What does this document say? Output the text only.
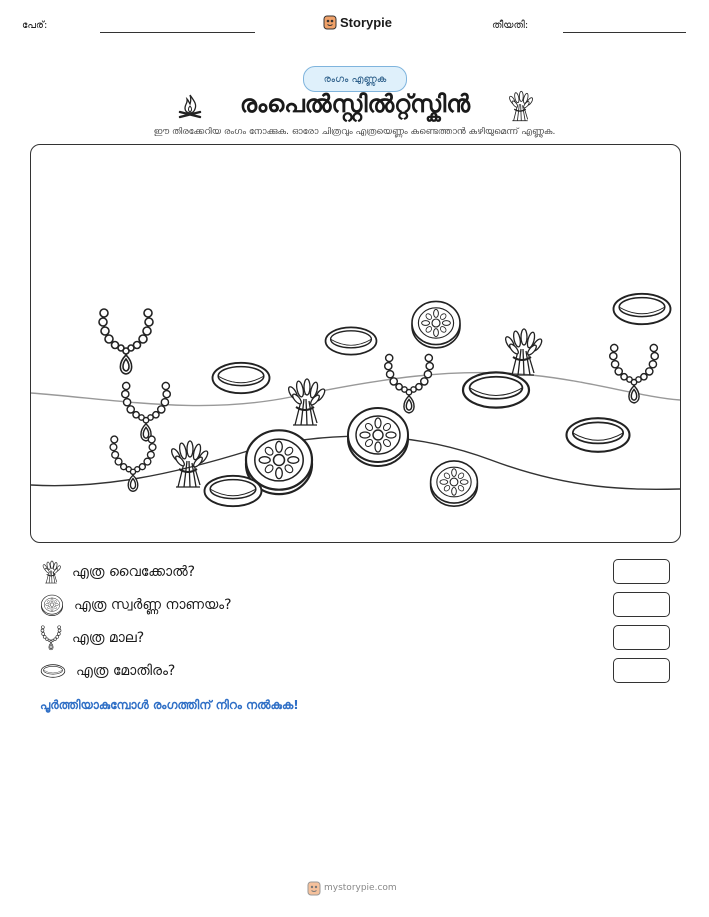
പേര്:	Storypie	തീയതി:
രംഗം എണ്ണുക
രംപെൽസ്റ്റിൽറ്റ്സ്കിൻ
ഈ തിരക്കേറിയ രംഗം നോക്കുക. ഓരോ ചിത്രവും എത്രയെണ്ണം കണ്ടെത്താൻ കഴിയുമെന്ന് എണ്ണുക.
എത്ര വൈക്കോൽ?
എത്ര സ്വർണ്ണ നാണയം?
എത്ര മാല?
എത്ര മോതിരം?
പൂർത്തിയാകുമ്പോൾ രംഗത്തിന് നിറം നൽകുക!
mystorypie.com
